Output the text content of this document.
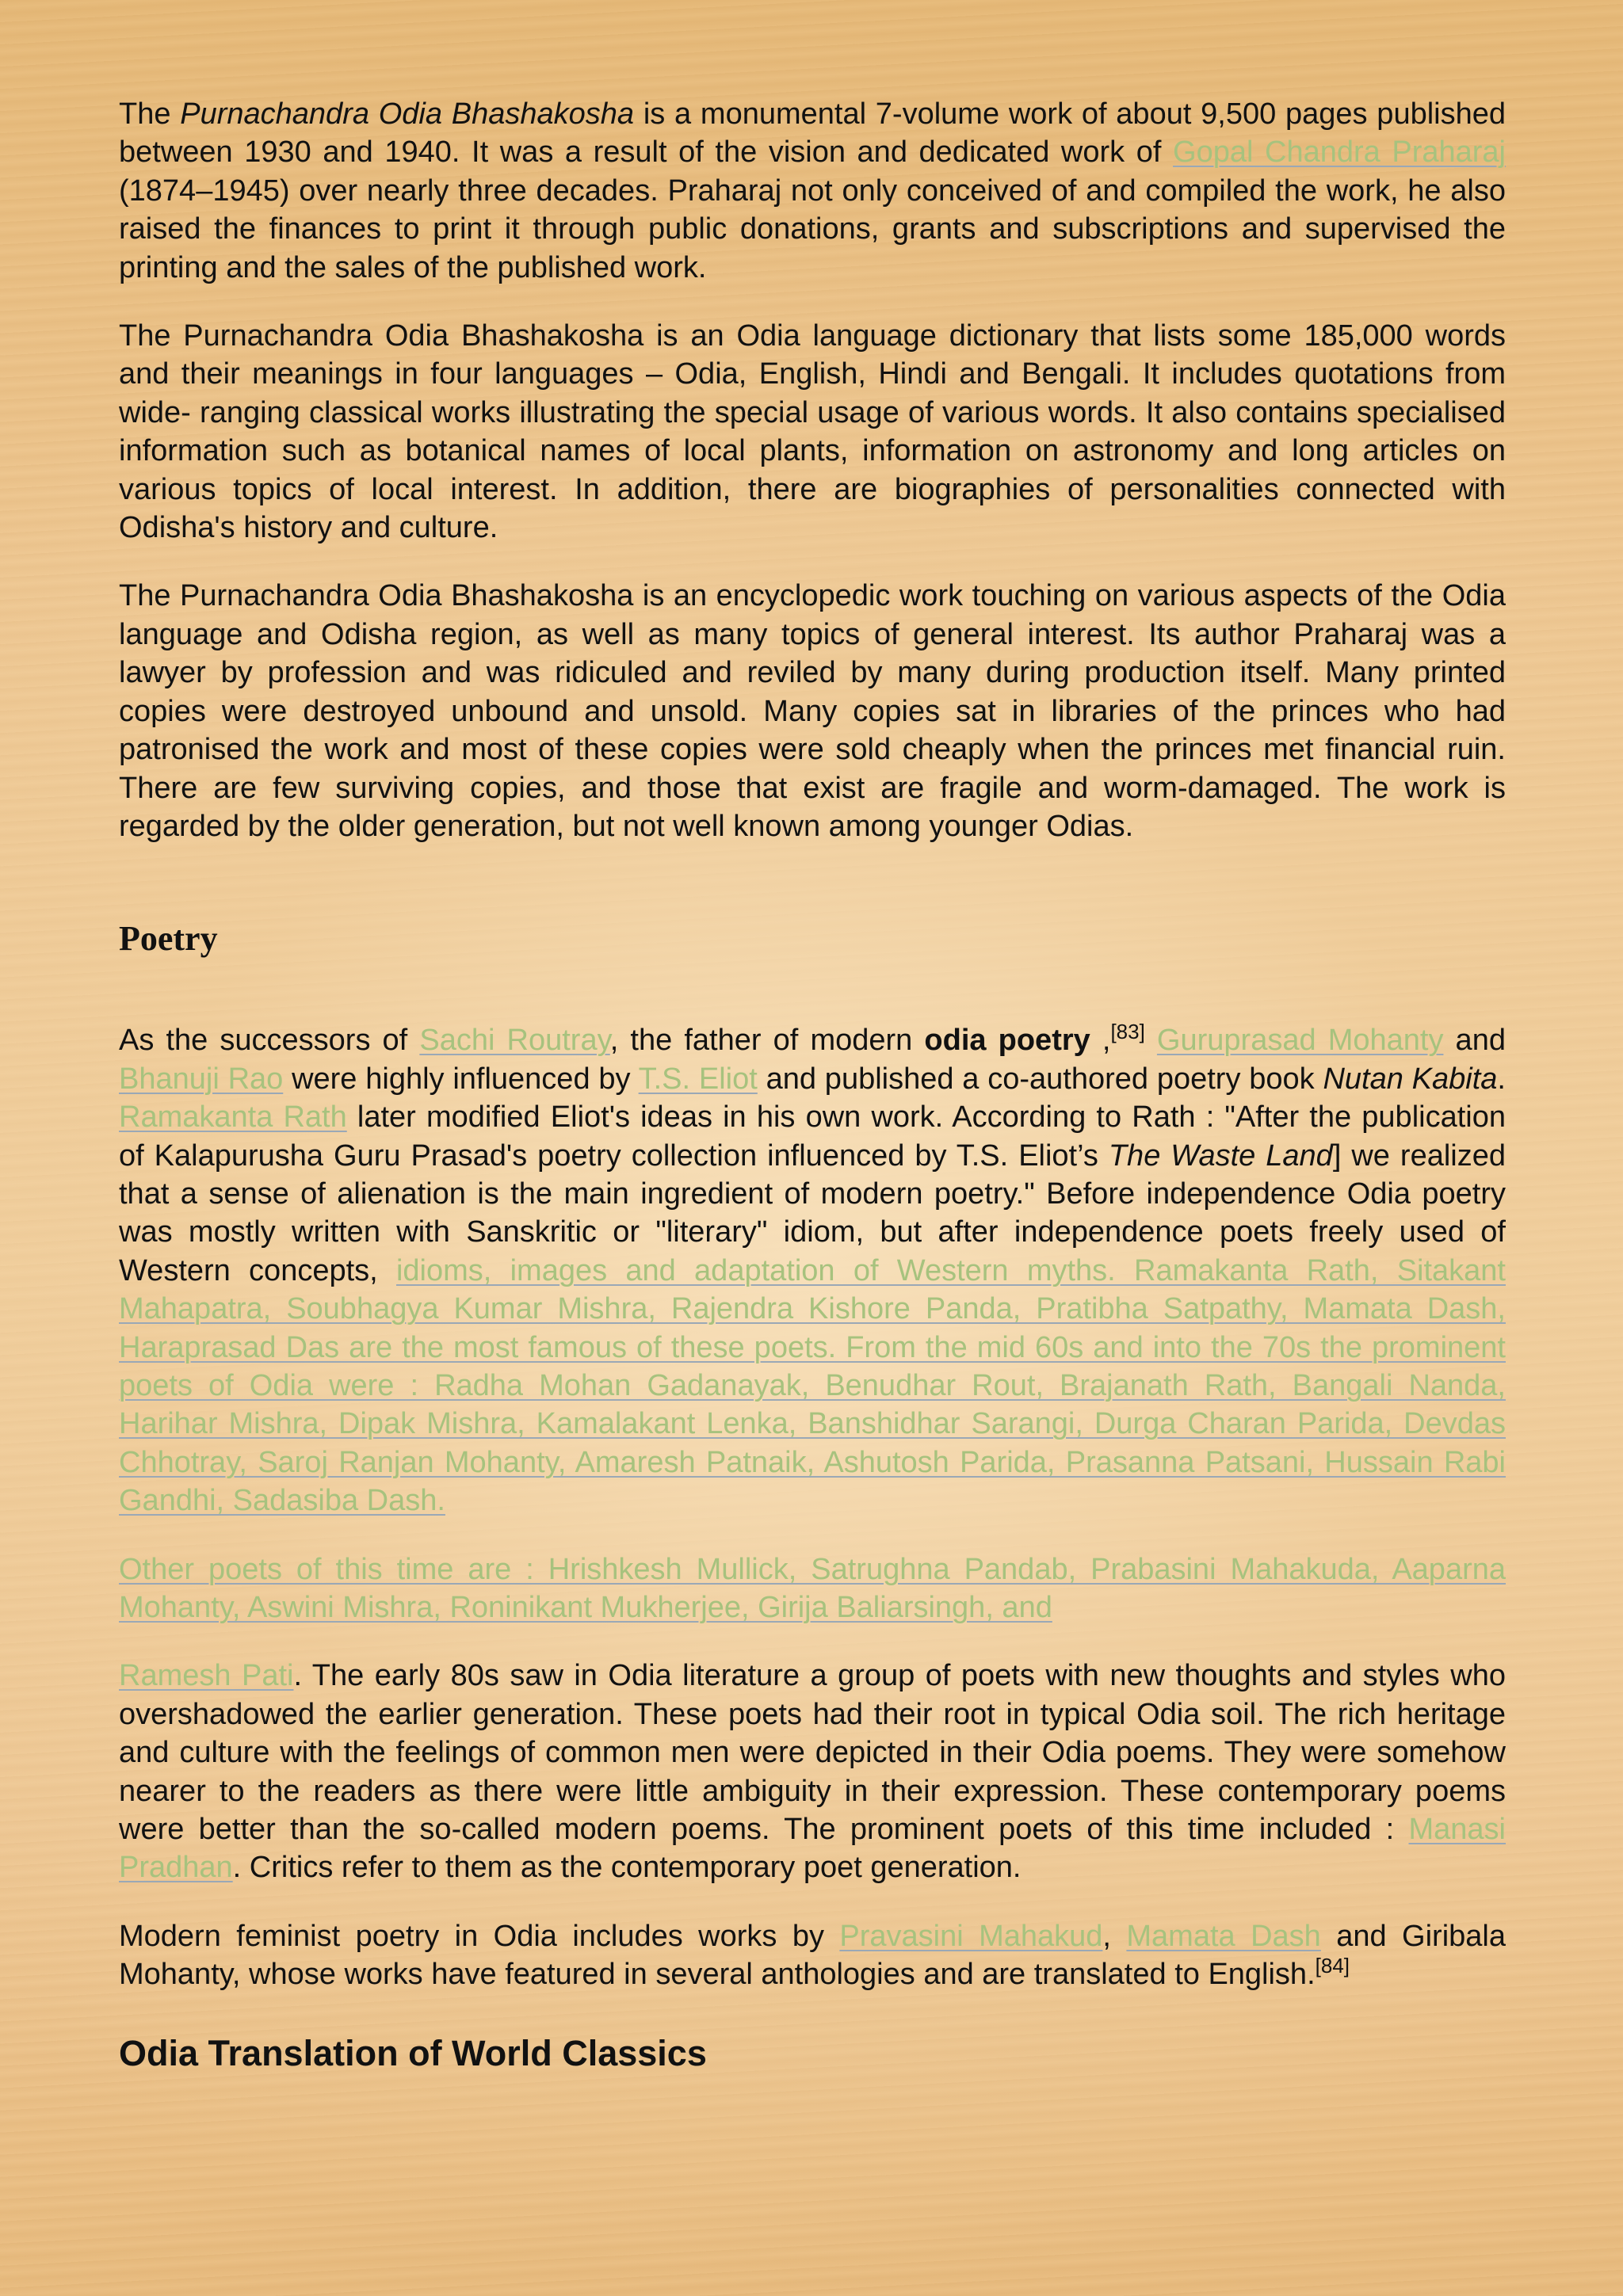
The Purnachandra Odia Bhashakosha is a monumental 7-volume work of about 9,500 pages published between 1930 and 1940. It was a result of the vision and dedicated work of Gopal Chandra Praharaj (1874–1945) over nearly three decades. Praharaj not only conceived of and compiled the work, he also raised the finances to print it through public donations, grants and subscriptions and supervised the printing and the sales of the published work.

The Purnachandra Odia Bhashakosha is an Odia language dictionary that lists some 185,000 words and their meanings in four languages – Odia, English, Hindi and Bengali. It includes quotations from wide- ranging classical works illustrating the special usage of various words. It also contains specialised information such as botanical names of local plants, information on astronomy and long articles on various topics of local interest. In addition, there are biographies of personalities connected with Odisha's history and culture.

The Purnachandra Odia Bhashakosha is an encyclopedic work touching on various aspects of the Odia language and Odisha region, as well as many topics of general interest. Its author Praharaj was a lawyer by profession and was ridiculed and reviled by many during production itself. Many printed copies were destroyed unbound and unsold. Many copies sat in libraries of the princes who had patronised the work and most of these copies were sold cheaply when the princes met financial ruin. There are few surviving copies, and those that exist are fragile and worm-damaged. The work is regarded by the older generation, but not well known among younger Odias.

Poetry

As the successors of Sachi Routray, the father of modern odia poetry ,[83] Guruprasad Mohanty and Bhanuji Rao were highly influenced by T.S. Eliot and published a co-authored poetry book Nutan Kabita. Ramakanta Rath later modified Eliot's ideas in his own work. According to Rath : "After the publication of Kalapurusha Guru Prasad's poetry collection influenced by T.S. Eliot’s The Waste Land] we realized that a sense of alienation is the main ingredient of modern poetry." Before independence Odia poetry was mostly written with Sanskritic or "literary" idiom, but after independence poets freely used of Western concepts, idioms, images and adaptation of Western myths. Ramakanta Rath, Sitakant Mahapatra, Soubhagya Kumar Mishra, Rajendra Kishore Panda, Pratibha Satpathy, Mamata Dash, Haraprasad Das are the most famous of these poets. From the mid 60s and into the 70s the prominent poets of Odia were : Radha Mohan Gadanayak, Benudhar Rout, Brajanath Rath, Bangali Nanda, Harihar Mishra, Dipak Mishra, Kamalakant Lenka, Banshidhar Sarangi, Durga Charan Parida, Devdas Chhotray, Saroj Ranjan Mohanty, Amaresh Patnaik, Ashutosh Parida, Prasanna Patsani, Hussain Rabi Gandhi, Sadasiba Dash.

Other poets of this time are : Hrishkesh Mullick, Satrughna Pandab, Prabasini Mahakuda, Aaparna Mohanty, Aswini Mishra, Roninikant Mukherjee, Girija Baliarsingh, and

Ramesh Pati. The early 80s saw in Odia literature a group of poets with new thoughts and styles who overshadowed the earlier generation. These poets had their root in typical Odia soil. The rich heritage and culture with the feelings of common men were depicted in their Odia poems. They were somehow nearer to the readers as there were little ambiguity in their expression. These contemporary poems were better than the so-called modern poems. The prominent poets of this time included : Manasi Pradhan. Critics refer to them as the contemporary poet generation.

Modern feminist poetry in Odia includes works by Pravasini Mahakud, Mamata Dash and Giribala Mohanty, whose works have featured in several anthologies and are translated to English.[84]

Odia Translation of World Classics
